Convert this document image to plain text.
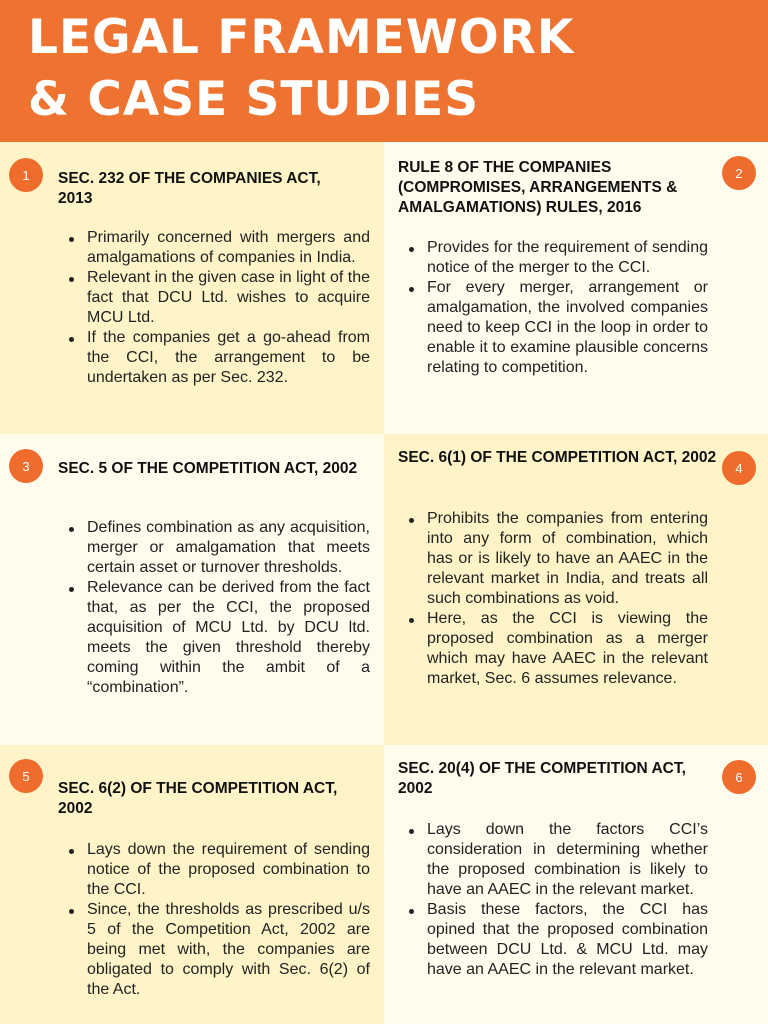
LEGAL FRAMEWORK
& CASE STUDIES
1	SEC. 232 OF THE COMPANIES ACT, 2013
Primarily concerned with mergers and amalgamations of companies in India.
Relevant in the given case in light of the fact that DCU Ltd. wishes to acquire MCU Ltd.
If the companies get a go-ahead from the CCI, the arrangement to be undertaken as per Sec. 232.
2
RULE 8 OF THE COMPANIES (COMPROMISES, ARRANGEMENTS & AMALGAMATIONS) RULES, 2016
Provides for the requirement of sending notice of the merger to the CCI.
For every merger, arrangement or amalgamation, the involved companies need to keep CCI in the loop in order to enable it to examine plausible concerns relating to competition.
3	SEC. 5 OF THE COMPETITION ACT, 2002
Defines combination as any acquisition, merger or amalgamation that meets certain asset or turnover thresholds.
Relevance can be derived from the fact that, as per the CCI, the proposed acquisition of MCU Ltd. by DCU ltd. meets the given threshold thereby coming within the ambit of a “combination”.
4
SEC. 6(1) OF THE COMPETITION ACT, 2002
Prohibits the companies from entering into any form of combination, which has or is likely to have an AAEC in the relevant market in India, and treats all such combinations as void.
Here, as the CCI is viewing the proposed combination as a merger which may have AAEC in the relevant market, Sec. 6 assumes relevance.
5
SEC. 6(2) OF THE COMPETITION ACT, 2002
Lays down the requirement of sending notice of the proposed combination to the CCI.
Since, the thresholds as prescribed u/s 5 of the Competition Act, 2002 are being met with, the companies are obligated to comply with Sec. 6(2) of the Act.
6
SEC. 20(4) OF THE COMPETITION ACT, 2002
Lays down the factors CCI’s consideration in determining whether the proposed combination is likely to have an AAEC in the relevant market.
Basis these factors, the CCI has opined that the proposed combination between DCU Ltd. & MCU Ltd. may have an AAEC in the relevant market.
